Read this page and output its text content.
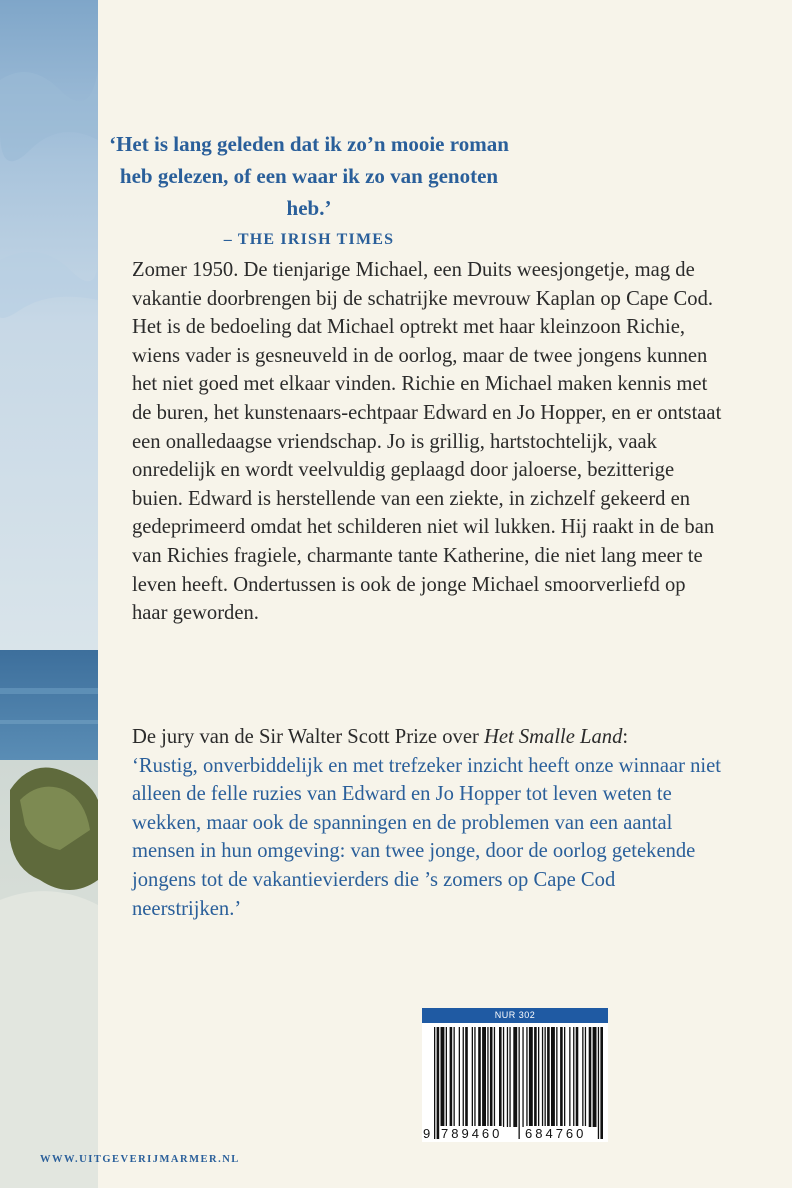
‘Het is lang geleden dat ik zo’n mooie roman
heb gelezen, of een waar ik zo van genoten heb.’
– THE IRISH TIMES
Zomer 1950. De tienjarige Michael, een Duits weesjongetje, mag de vakantie doorbrengen bij de schatrijke mevrouw Kaplan op Cape Cod. Het is de bedoeling dat Michael optrekt met haar kleinzoon Richie, wiens vader is gesneuveld in de oorlog, maar de twee jongens kunnen het niet goed met elkaar vinden. Richie en Michael maken kennis met de buren, het kunstenaars-echtpaar Edward en Jo Hopper, en er ontstaat een onalledaagse vriendschap. Jo is grillig, hartstochtelijk, vaak onredelijk en wordt veelvuldig geplaagd door jaloerse, bezitterige buien. Edward is herstellende van een ziekte, in zichzelf gekeerd en gedeprimeerd omdat het schilderen niet wil lukken. Hij raakt in de ban van Richies fragiele, charmante tante Katherine, die niet lang meer te leven heeft. Ondertussen is ook de jonge Michael smoorverliefd op haar geworden.
De jury van de Sir Walter Scott Prize over Het Smalle Land:
‘Rustig, onverbiddelijk en met trefzeker inzicht heeft onze winnaar niet alleen de felle ruzies van Edward en Jo Hopper tot leven weten te wekken, maar ook de spanningen en de problemen van een aantal mensen in hun omgeving: van twee jonge, door de oorlog getekende jongens tot de vakantievierders die ’s zomers op Cape Cod neerstrijken.’
NUR 302
9 789460 684760
WWW.UITGEVERIJMARMER.NL
